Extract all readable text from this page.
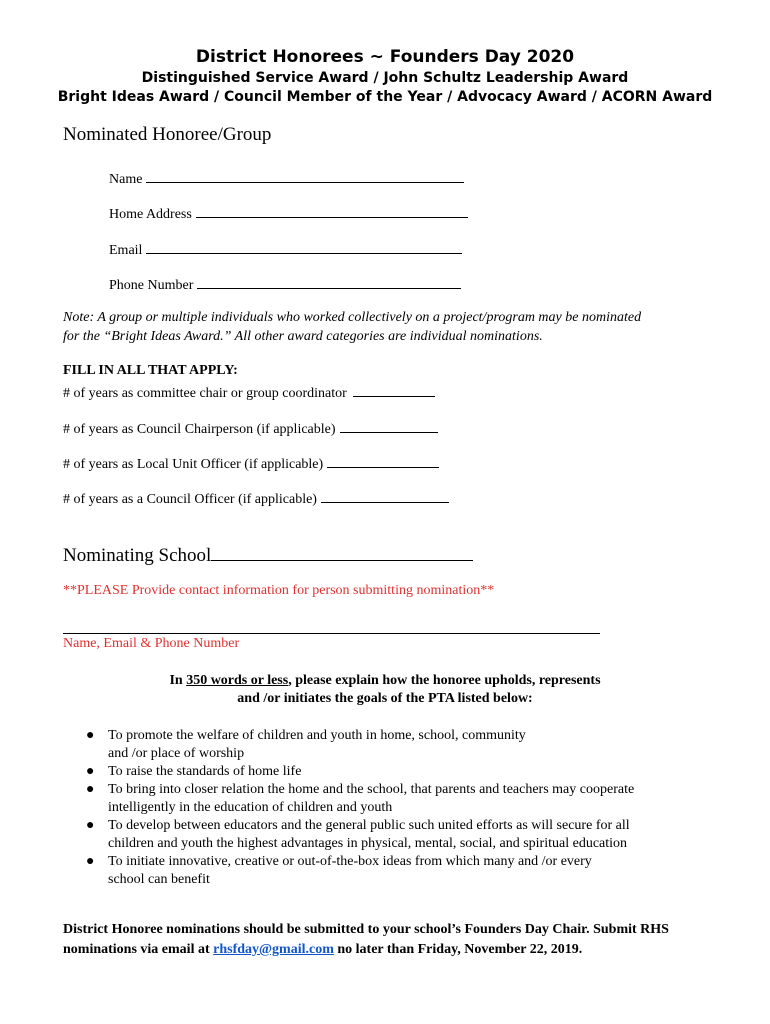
District Honorees ~ Founders Day 2020
Distinguished Service Award / John Schultz Leadership Award
Bright Ideas Award / Council Member of the Year / Advocacy Award / ACORN Award
Nominated Honoree/Group
Name
Home Address
Email
Phone Number
Note: A group or multiple individuals who worked collectively on a project/program may be nominated
for the “Bright Ideas Award.” All other award categories are individual nominations.
FILL IN ALL THAT APPLY:
# of years as committee chair or group coordinator
# of years as Council Chairperson (if applicable)
# of years as Local Unit Officer (if applicable)
# of years as a Council Officer (if applicable)
Nominating School
**PLEASE Provide contact information for person submitting nomination**
Name, Email & Phone Number
In 350 words or less, please explain how the honoree upholds, represents
and /or initiates the goals of the PTA listed below:
● To promote the welfare of children and youth in home, school, community
and /or place of worship
● To raise the standards of home life
● To bring into closer relation the home and the school, that parents and teachers may cooperate
intelligently in the education of children and youth
● To develop between educators and the general public such united efforts as will secure for all
children and youth the highest advantages in physical, mental, social, and spiritual education
● To initiate innovative, creative or out-of-the-box ideas from which many and /or every
school can benefit
District Honoree nominations should be submitted to your school’s Founders Day Chair. Submit RHS nominations via email at rhsfday@gmail.com no later than Friday, November 22, 2019.
